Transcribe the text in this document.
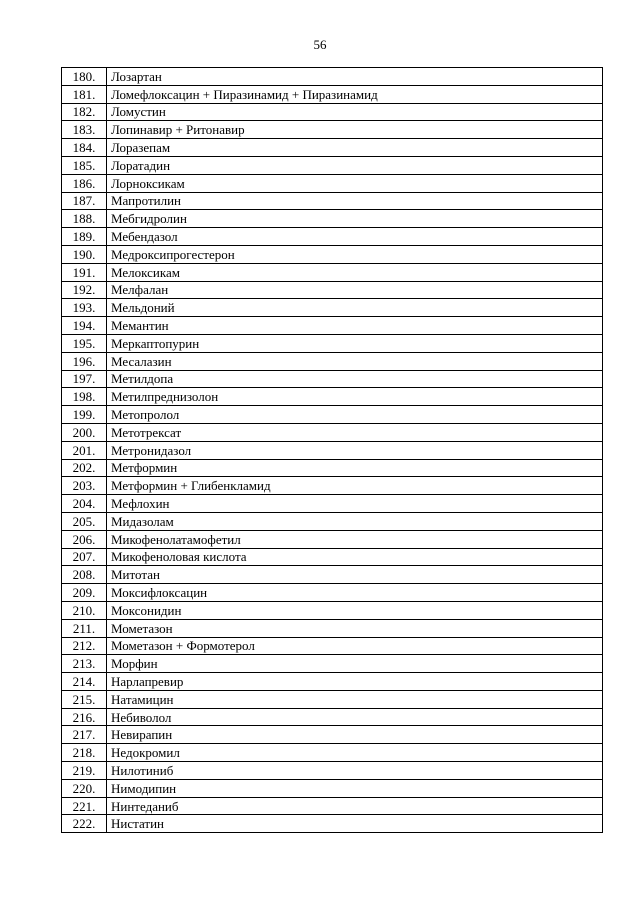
56
180.	Лозартан
181.	Ломефлоксацин + Пиразинамид + Пиразинамид
182.	Ломустин
183.	Лопинавир + Ритонавир
184.	Лоразепам
185.	Лоратадин
186.	Лорноксикам
187.	Мапротилин
188.	Мебгидролин
189.	Мебендазол
190.	Медроксипрогестерон
191.	Мелоксикам
192.	Мелфалан
193.	Мельдоний
194.	Мемантин
195.	Меркаптопурин
196.	Месалазин
197.	Метилдопа
198.	Метилпреднизолон
199.	Метопролол
200.	Метотрексат
201.	Метронидазол
202.	Метформин
203.	Метформин + Глибенкламид
204.	Мефлохин
205.	Мидазолам
206.	Микофенолатамофетил
207.	Микофеноловая кислота
208.	Митотан
209.	Моксифлоксацин
210.	Моксонидин
211.	Мометазон
212.	Мометазон + Формотерол
213.	Морфин
214.	Нарлапревир
215.	Натамицин
216.	Небиволол
217.	Невирапин
218.	Недокромил
219.	Нилотиниб
220.	Нимодипин
221.	Нинтеданиб
222.	Нистатин
